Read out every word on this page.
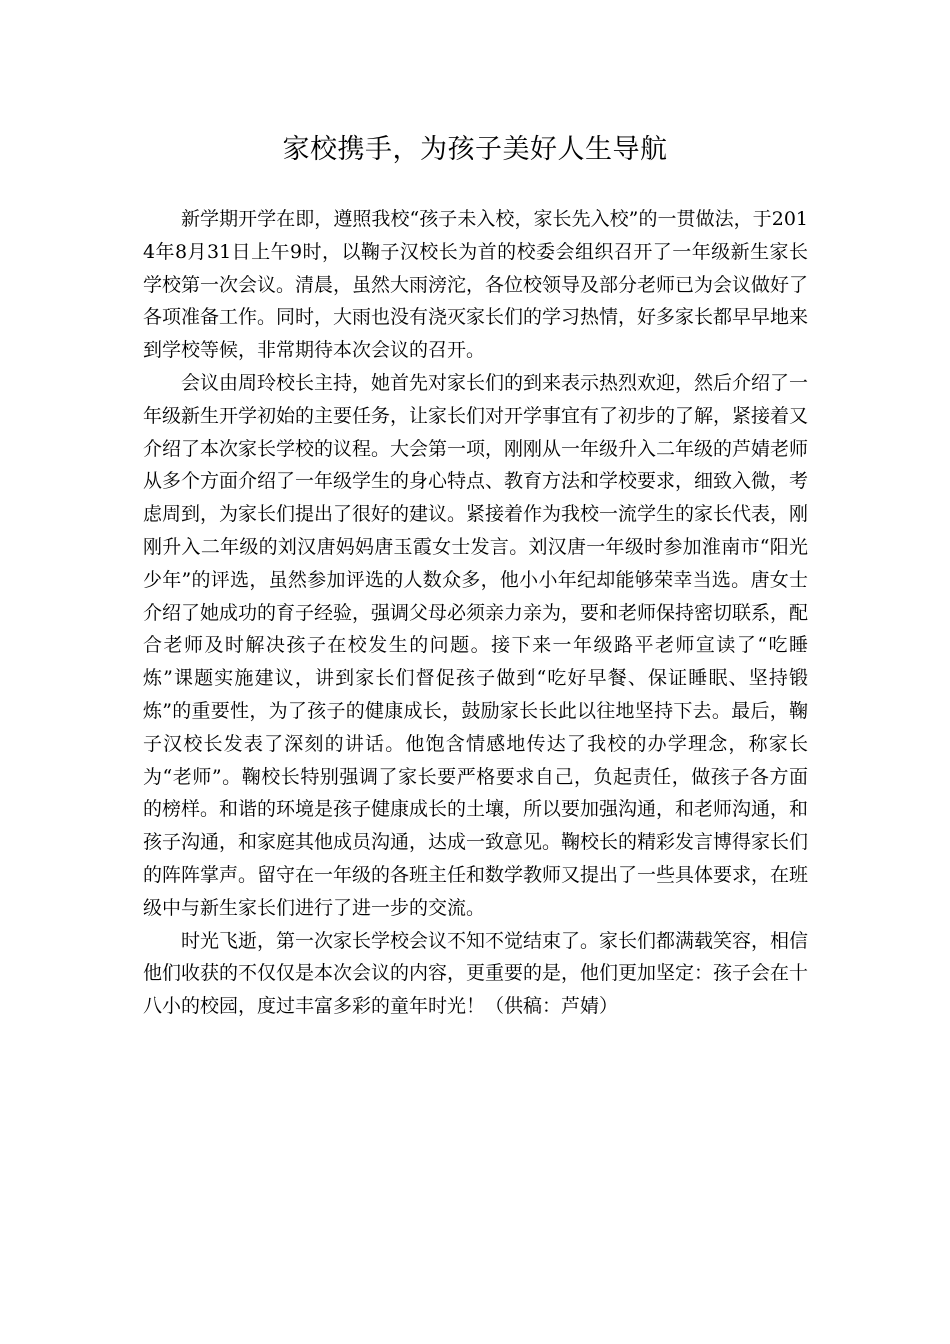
家校携手，为孩子美好人生导航

新学期开学在即，遵照我校“孩子未入校，家长先入校”的一贯做法，于2014年8月31日上午9时，以鞠子汉校长为首的校委会组织召开了一年级新生家长学校第一次会议。清晨，虽然大雨滂沱，各位校领导及部分老师已为会议做好了各项准备工作。同时，大雨也没有浇灭家长们的学习热情，好多家长都早早地来到学校等候，非常期待本次会议的召开。

会议由周玲校长主持，她首先对家长们的到来表示热烈欢迎，然后介绍了一年级新生开学初始的主要任务，让家长们对开学事宜有了初步的了解，紧接着又介绍了本次家长学校的议程。大会第一项，刚刚从一年级升入二年级的芦婧老师从多个方面介绍了一年级学生的身心特点、教育方法和学校要求，细致入微，考虑周到，为家长们提出了很好的建议。紧接着作为我校一流学生的家长代表，刚刚升入二年级的刘汉唐妈妈唐玉霞女士发言。刘汉唐一年级时参加淮南市“阳光少年”的评选，虽然参加评选的人数众多，他小小年纪却能够荣幸当选。唐女士介绍了她成功的育子经验，强调父母必须亲力亲为，要和老师保持密切联系，配合老师及时解决孩子在校发生的问题。接下来一年级路平老师宣读了“吃睡炼”课题实施建议，讲到家长们督促孩子做到“吃好早餐、保证睡眠、坚持锻炼”的重要性，为了孩子的健康成长，鼓励家长长此以往地坚持下去。最后，鞠子汉校长发表了深刻的讲话。他饱含情感地传达了我校的办学理念，称家长为“老师”。鞠校长特别强调了家长要严格要求自己，负起责任，做孩子各方面的榜样。和谐的环境是孩子健康成长的土壤，所以要加强沟通，和老师沟通，和孩子沟通，和家庭其他成员沟通，达成一致意见。鞠校长的精彩发言博得家长们的阵阵掌声。留守在一年级的各班主任和数学教师又提出了一些具体要求，在班级中与新生家长们进行了进一步的交流。

时光飞逝，第一次家长学校会议不知不觉结束了。家长们都满载笑容，相信他们收获的不仅仅是本次会议的内容，更重要的是，他们更加坚定：孩子会在十八小的校园，度过丰富多彩的童年时光！（供稿：芦婧）
